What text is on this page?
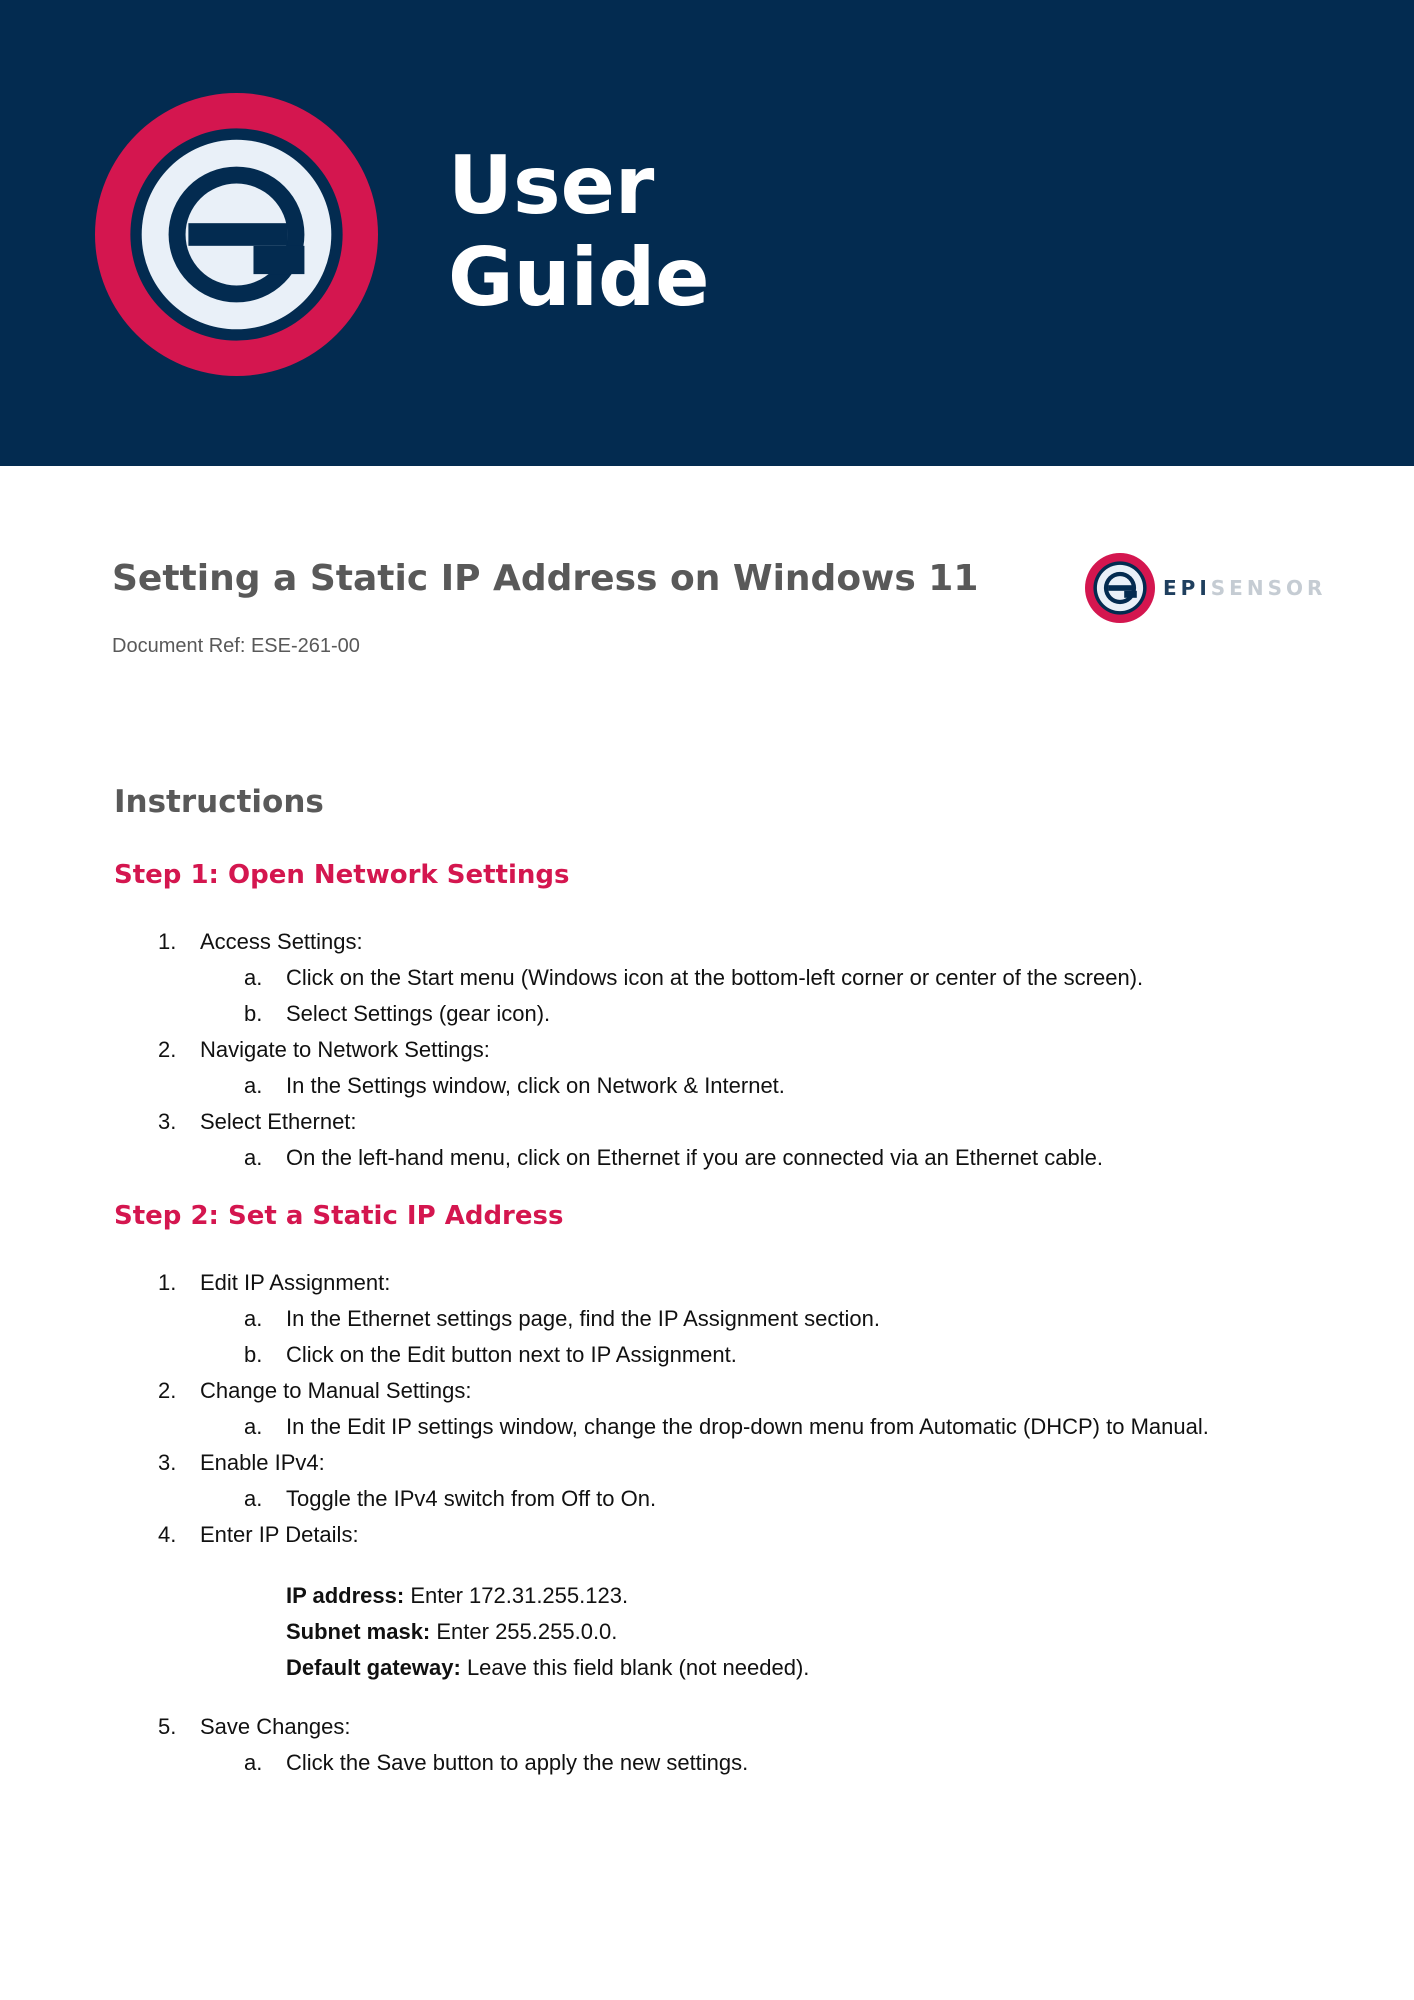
User
Guide
Setting a Static IP Address on Windows 11
Document Ref: ESE-261-00
EPISENSOR
Instructions
Step 1: Open Network Settings
1. Access Settings:
a. Click on the Start menu (Windows icon at the bottom-left corner or center of the screen).
b. Select Settings (gear icon).
2. Navigate to Network Settings:
a. In the Settings window, click on Network & Internet.
3. Select Ethernet:
a. On the left-hand menu, click on Ethernet if you are connected via an Ethernet cable.
Step 2: Set a Static IP Address
1. Edit IP Assignment:
a. In the Ethernet settings page, find the IP Assignment section.
b. Click on the Edit button next to IP Assignment.
2. Change to Manual Settings:
a. In the Edit IP settings window, change the drop-down menu from Automatic (DHCP) to Manual.
3. Enable IPv4:
a. Toggle the IPv4 switch from Off to On.
4. Enter IP Details:
IP address: Enter 172.31.255.123.
Subnet mask: Enter 255.255.0.0.
Default gateway: Leave this field blank (not needed).
5. Save Changes:
a. Click the Save button to apply the new settings.
